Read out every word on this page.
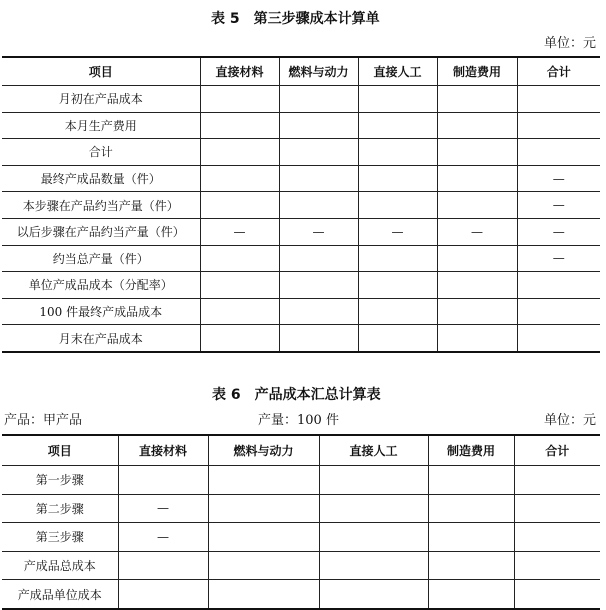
表 5　第三步骤成本计算单
单位：元
项目	直接材料	燃料与动力	直接人工	制造费用	合计
月初在产品成本					
本月生产费用					
合计					
最终产成品数量（件）					—
本步骤在产品约当产量（件）					—
以后步骤在产品约当产量（件）	—	—	—	—	—
约当总产量（件）					—
单位产成品成本（分配率）					
100 件最终产成品成本					
月末在产品成本					
表 6　产品成本汇总计算表
产品：甲产品	产量：100 件	单位：元
项目	直接材料	燃料与动力	直接人工	制造费用	合计
第一步骤					
第二步骤	—				
第三步骤	—				
产成品总成本					
产成品单位成本					
